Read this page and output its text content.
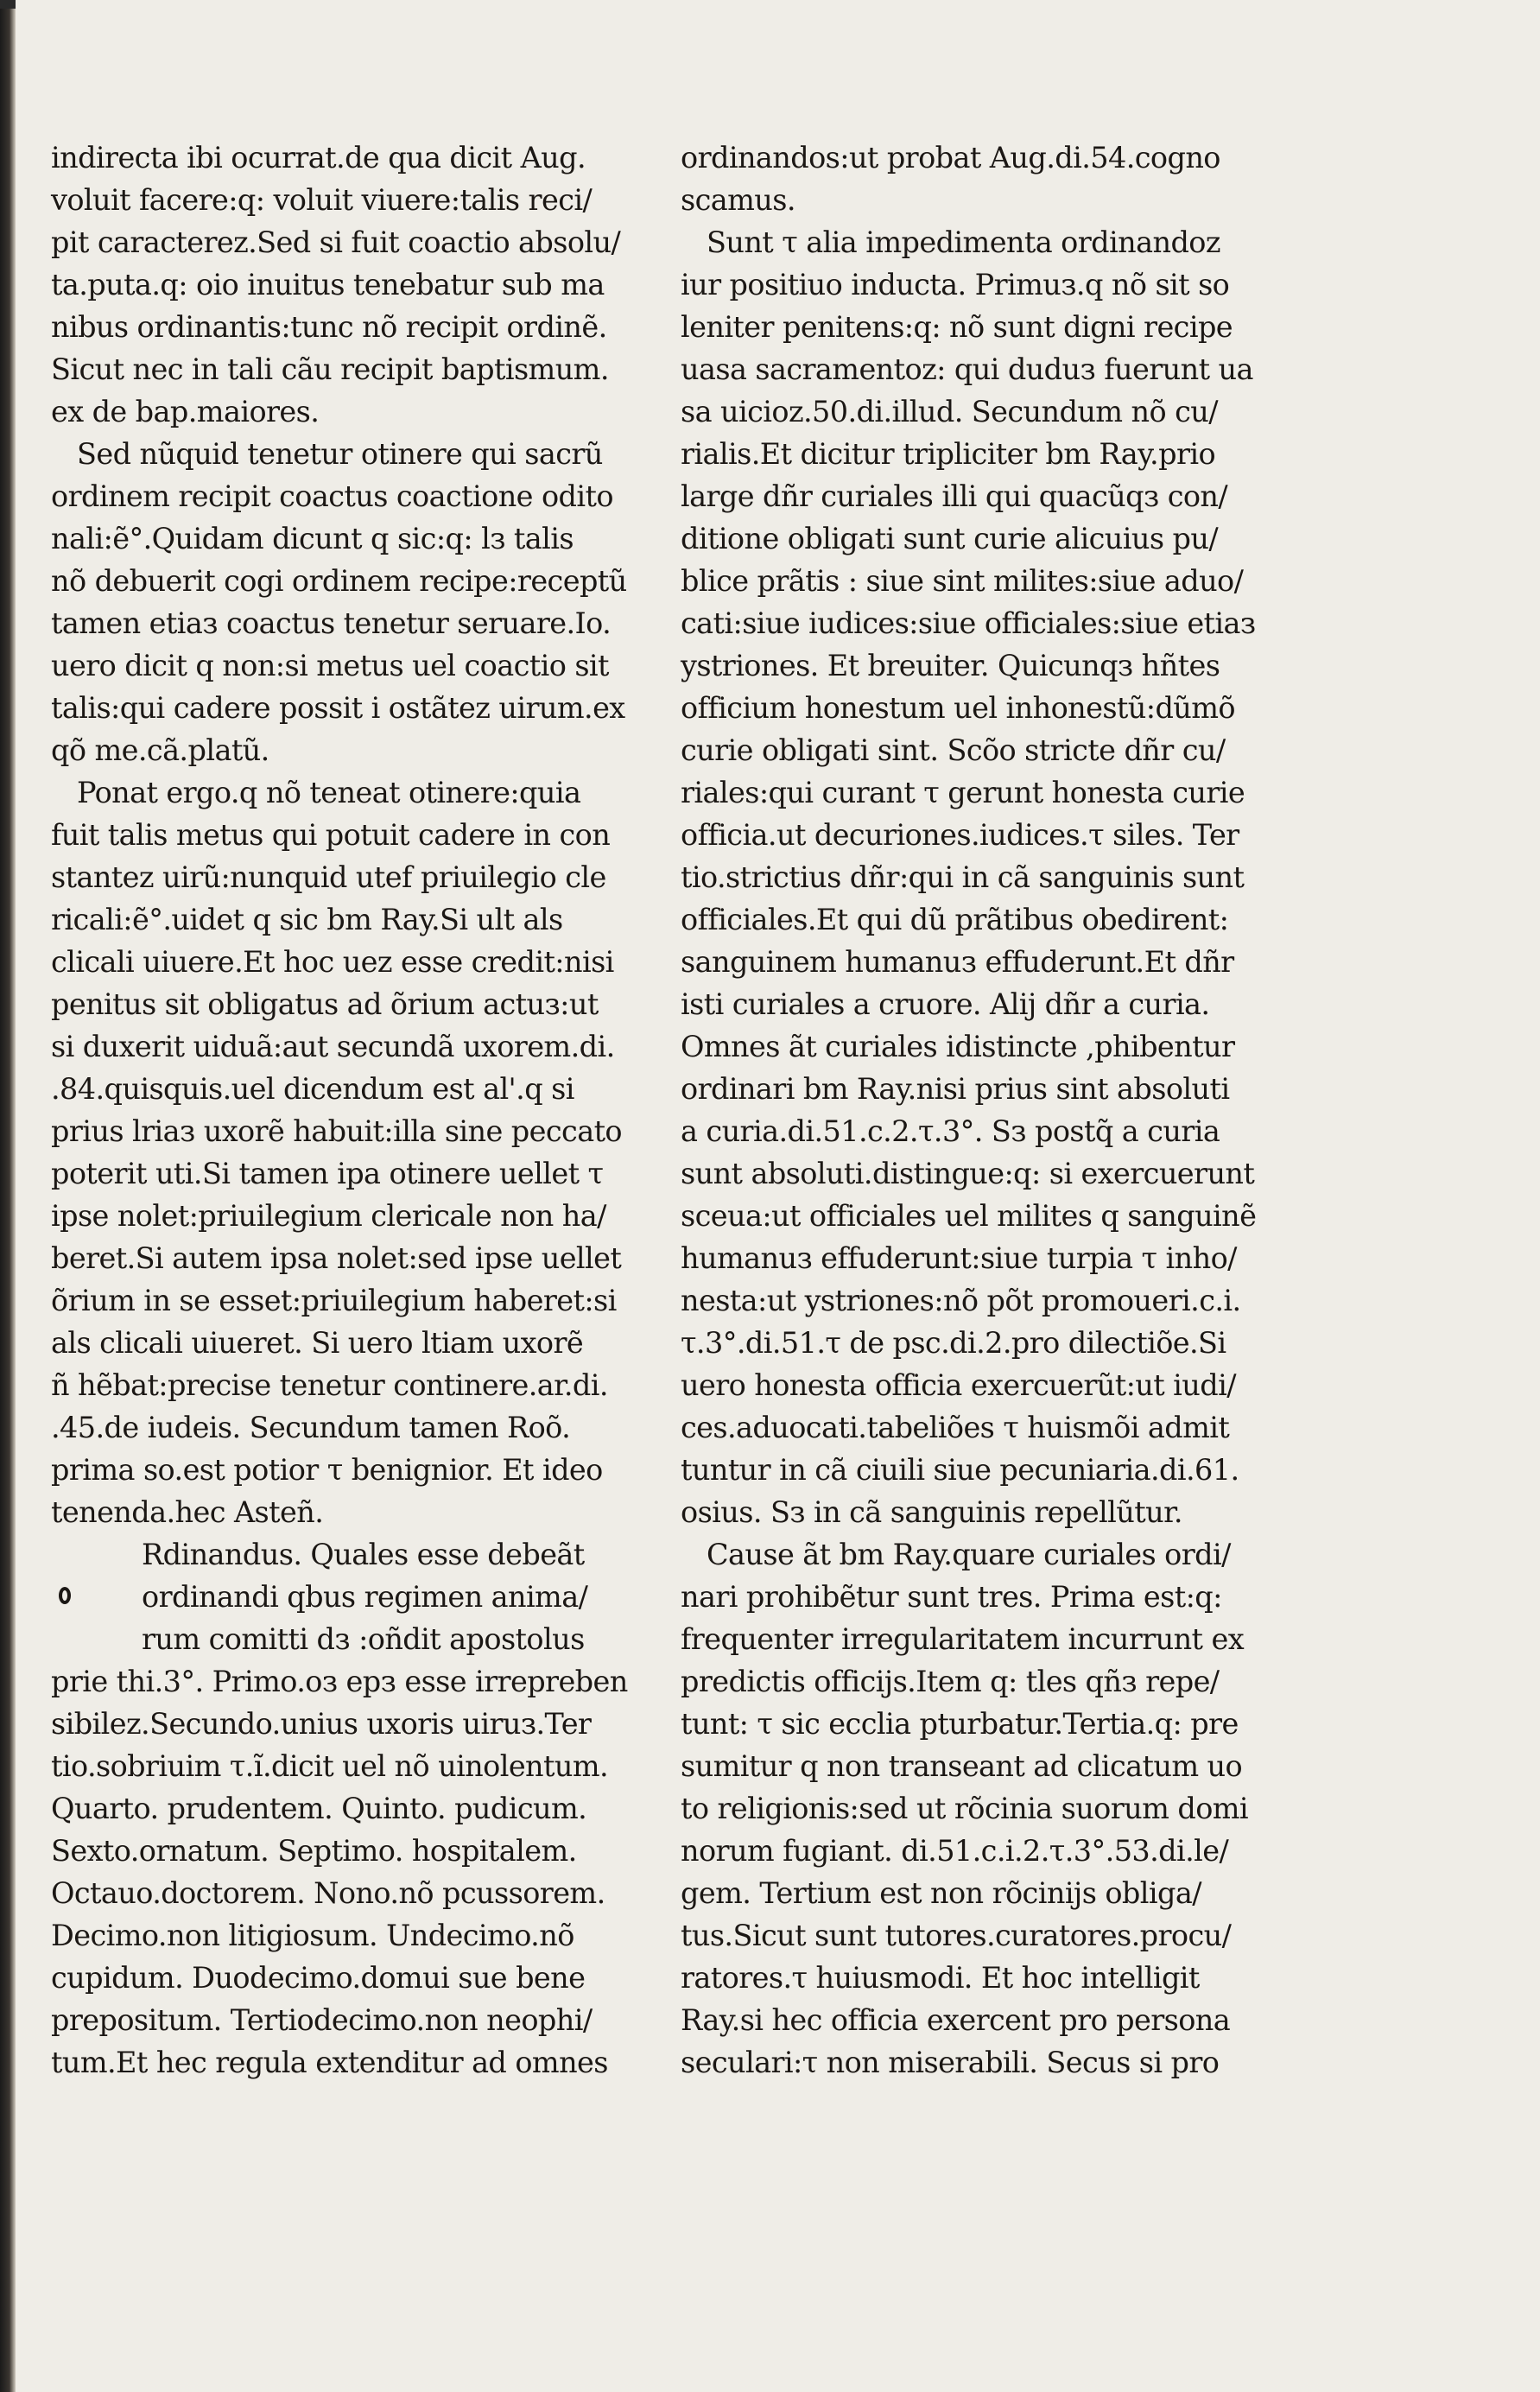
indirecta ibi ocurrat.de qua dicit Aug.
voluit facere:q: voluit viuere:talis reci/
pit caracterez.Sed si fuit coactio absolu/
ta.puta.q: oio inuitus tenebatur sub ma
nibus ordinantis:tunc nõ recipit ordinẽ.
Sicut nec in tali cãu recipit baptismum.
ex de bap.maiores.
Sed nũquid tenetur otinere qui sacrũ
ordinem recipit coactus coactione odito
nali:ẽ°.Quidam dicunt q sic:q: lз talis
nõ debuerit cogi ordinem recipe:receptũ
tamen etiaз coactus tenetur seruare.Io.
uero dicit q non:si metus uel coactio sit
talis:qui cadere possit i ostãtez uirum.ex
qõ me.cã.platũ.
Ponat ergo.q nõ teneat otinere:quia
fuit talis metus qui potuit cadere in con
stantez uirũ:nunquid utef priuilegio cle
ricali:ẽ°.uidet q sic bm Ray.Si ult als
clicali uiuere.Et hoc uez esse credit:nisi
penitus sit obligatus ad õrium actuз:ut
si duxerit uiduã:aut secundã uxorem.di.
.84.quisquis.uel dicendum est al'.q si
prius lriaз uxorẽ habuit:illa sine peccato
poterit uti.Si tamen ipa otinere uellet τ
ipse nolet:priuilegium clericale non ha/
beret.Si autem ipsa nolet:sed ipse uellet
õrium in se esset:priuilegium haberet:si
als clicali uiueret. Si uero ltiam uxorẽ
ñ hẽbat:precise tenetur continere.ar.di.
.45.de iudeis. Secundum tamen Roõ.
prima so.est potior τ benignior. Et ideo
tenenda.hec Asteñ.
Rdinandus. Quales esse debeãt
ordinandi qbus regimen anima/
rum comitti dз :oñdit apostolus
prie thi.3°. Primo.oз epз esse irrepreben
sibilez.Secundo.unius uxoris uiruз.Ter
tio.sobriuim τ.ĩ.dicit uel nõ uinolentum.
Quarto. prudentem. Quinto. pudicum.
Sexto.ornatum. Septimo. hospitalem.
Octauo.doctorem. Nono.nõ pcussorem.
Decimo.non litigiosum. Undecimo.nõ
cupidum. Duodecimo.domui sue bene
prepositum. Tertiodecimo.non neophi/
tum.Et hec regula extenditur ad omnes
ordinandos:ut probat Aug.di.54.cogno
scamus.
Sunt τ alia impedimenta ordinandoz
iur positiuo inducta. Primuз.q nõ sit so
leniter penitens:q: nõ sunt digni recipe
uasa sacramentoz: qui duduз fuerunt ua
sa uicioz.50.di.illud. Secundum nõ cu/
rialis.Et dicitur tripliciter bm Ray.prio
large dñr curiales illi qui quacũqз con/
ditione obligati sunt curie alicuius pu/
blice prãtis : siue sint milites:siue aduo/
cati:siue iudices:siue officiales:siue etiaз
ystriones. Et breuiter. Quicunqз hñtes
officium honestum uel inhonestũ:dũmõ
curie obligati sint. Scõo stricte dñr cu/
riales:qui curant τ gerunt honesta curie
officia.ut decuriones.iudices.τ siles. Ter
tio.strictius dñr:qui in cã sanguinis sunt
officiales.Et qui dũ prãtibus obedirent:
sanguinem humanuз effuderunt.Et dñr
isti curiales a cruore. Alij dñr a curia.
Omnes ãt curiales idistincte ,phibentur
ordinari bm Ray.nisi prius sint absoluti
a curia.di.51.c.2.τ.3°. Sз postq̃ a curia
sunt absoluti.distingue:q: si exercuerunt
sceua:ut officiales uel milites q sanguinẽ
humanuз effuderunt:siue turpia τ inho/
nesta:ut ystriones:nõ põt promoueri.c.i.
τ.3°.di.51.τ de psc.di.2.pro dilectiõe.Si
uero honesta officia exercuerũt:ut iudi/
ces.aduocati.tabeliões τ huismõi admit
tuntur in cã ciuili siue pecuniaria.di.61.
osius. Sз in cã sanguinis repellũtur.
Cause ãt bm Ray.quare curiales ordi/
nari prohibẽtur sunt tres. Prima est:q:
frequenter irregularitatem incurrunt ex
predictis officijs.Item q: tles qñз repe/
tunt: τ sic ecclia pturbatur.Tertia.q: pre
sumitur q non transeant ad clicatum uo
to religionis:sed ut rõcinia suorum domi
norum fugiant. di.51.c.i.2.τ.3°.53.di.le/
gem. Tertium est non rõcinijs obliga/
tus.Sicut sunt tutores.curatores.procu/
ratores.τ huiusmodi. Et hoc intelligit
Ray.si hec officia exercent pro persona
seculari:τ non miserabili. Secus si pro
